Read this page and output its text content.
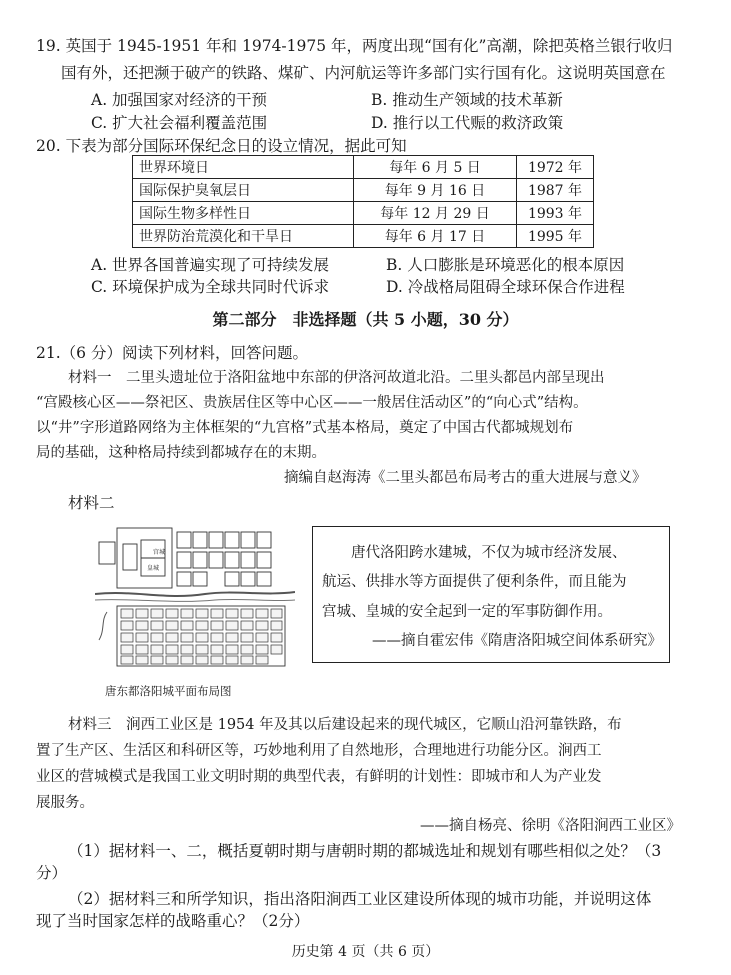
19. 英国于 1945-1951 年和 1974-1975 年，两度出现“国有化”高潮，除把英格兰银行收归
国有外，还把濒于破产的铁路、煤矿、内河航运等许多部门实行国有化。这说明英国意在
A. 加强国家对经济的干预	B. 推动生产领域的技术革新
C. 扩大社会福利覆盖范围	D. 推行以工代赈的救济政策
20. 下表为部分国际环保纪念日的设立情况，据此可知
世界环境日	每年 6 月 5 日	1972 年
国际保护臭氧层日	每年 9 月 16 日	1987 年
国际生物多样性日	每年 12 月 29 日	1993 年
世界防治荒漠化和干旱日	每年 6 月 17 日	1995 年
A. 世界各国普遍实现了可持续发展	B. 人口膨胀是环境恶化的根本原因
C. 环境保护成为全球共同时代诉求	D. 冷战格局阻碍全球环保合作进程
第二部分　非选择题（共 5 小题，30 分）
21.（6 分）阅读下列材料，回答问题。
材料一　二里头遗址位于洛阳盆地中东部的伊洛河故道北沿。二里头都邑内部呈现出
“宫殿核心区——祭祀区、贵族居住区等中心区——一般居住活动区”的“向心式”结构。
以“井”字形道路网络为主体框架的“九宫格”式基本格局，奠定了中国古代都城规划布
局的基础，这种格局持续到都城存在的末期。
摘编自赵海涛《二里头都邑布局考古的重大进展与意义》
材料二
宫城
皇城
唐东都洛阳城平面布局图
唐代洛阳跨水建城，不仅为城市经济发展、
航运、供排水等方面提供了便利条件，而且能为
宫城、皇城的安全起到一定的军事防御作用。
——摘自霍宏伟《隋唐洛阳城空间体系研究》
材料三　涧西工业区是 1954 年及其以后建设起来的现代城区，它顺山沿河靠铁路，布
置了生产区、生活区和科研区等，巧妙地利用了自然地形，合理地进行功能分区。涧西工
业区的营城模式是我国工业文明时期的典型代表，有鲜明的计划性：即城市和人为产业发
展服务。
——摘自杨亮、徐明《洛阳涧西工业区》
（1）据材料一、二，概括夏朝时期与唐朝时期的都城选址和规划有哪些相似之处？（3
分）
（2）据材料三和所学知识，指出洛阳涧西工业区建设所体现的城市功能，并说明这体
现了当时国家怎样的战略重心？（2分）
历史第 4 页（共 6 页）
